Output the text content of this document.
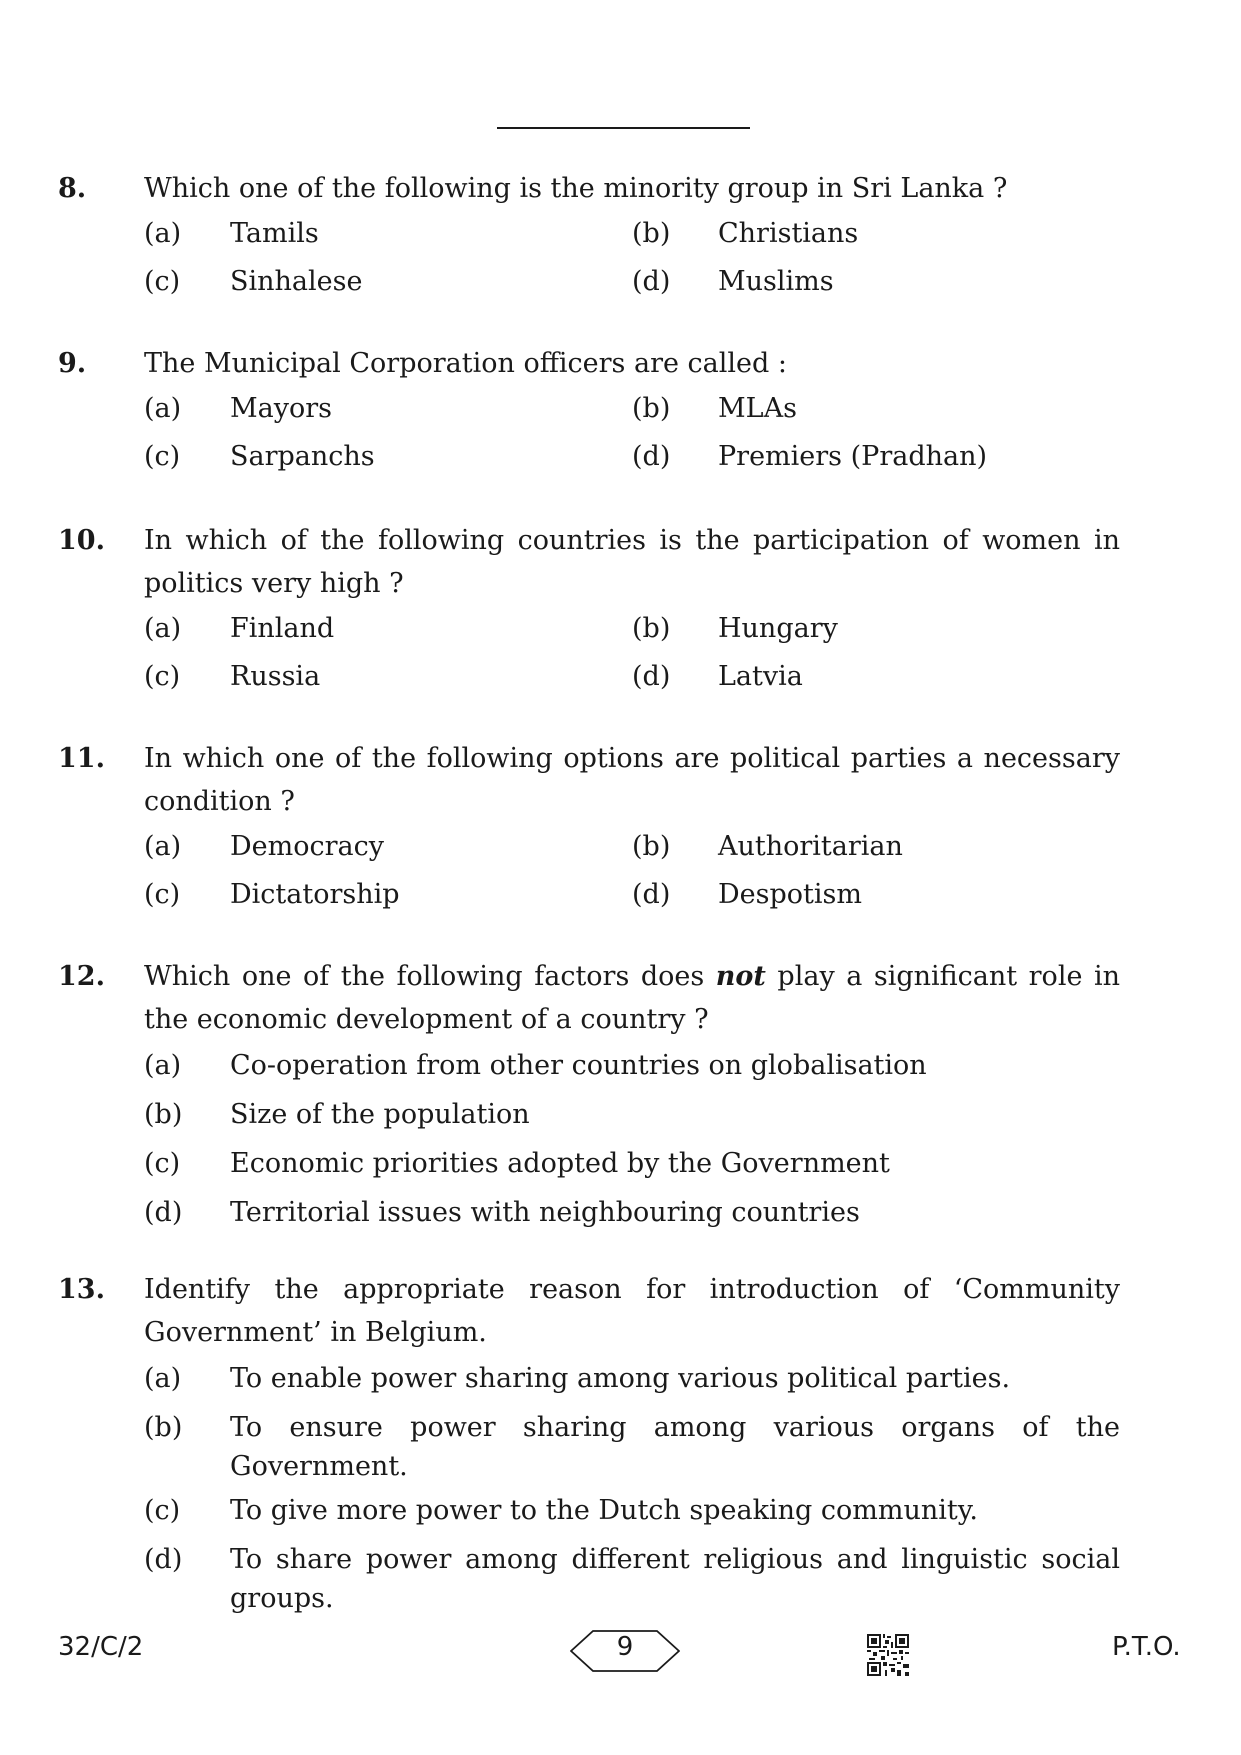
8. Which one of the following is the minority group in Sri Lanka ?
(a) Tamils	(b) Christians
(c) Sinhalese	(d) Muslims
9. The Municipal Corporation officers are called :
(a) Mayors	(b) MLAs
(c) Sarpanchs	(d) Premiers (Pradhan)
10. In which of the following countries is the participation of women in politics very high ?
(a) Finland	(b) Hungary
(c) Russia	(d) Latvia
11. In which one of the following options are political parties a necessary condition ?
(a) Democracy	(b) Authoritarian
(c) Dictatorship	(d) Despotism
12. Which one of the following factors does not play a significant role in the economic development of a country ?
(a) Co-operation from other countries on globalisation
(b) Size of the population
(c) Economic priorities adopted by the Government
(d) Territorial issues with neighbouring countries
13. Identify the appropriate reason for introduction of ‘Community Government’ in Belgium.
(a) To enable power sharing among various political parties.
(b) To ensure power sharing among various organs of the Government.
(c) To give more power to the Dutch speaking community.
(d) To share power among different religious and linguistic social groups.
32/C/2	9	P.T.O.
